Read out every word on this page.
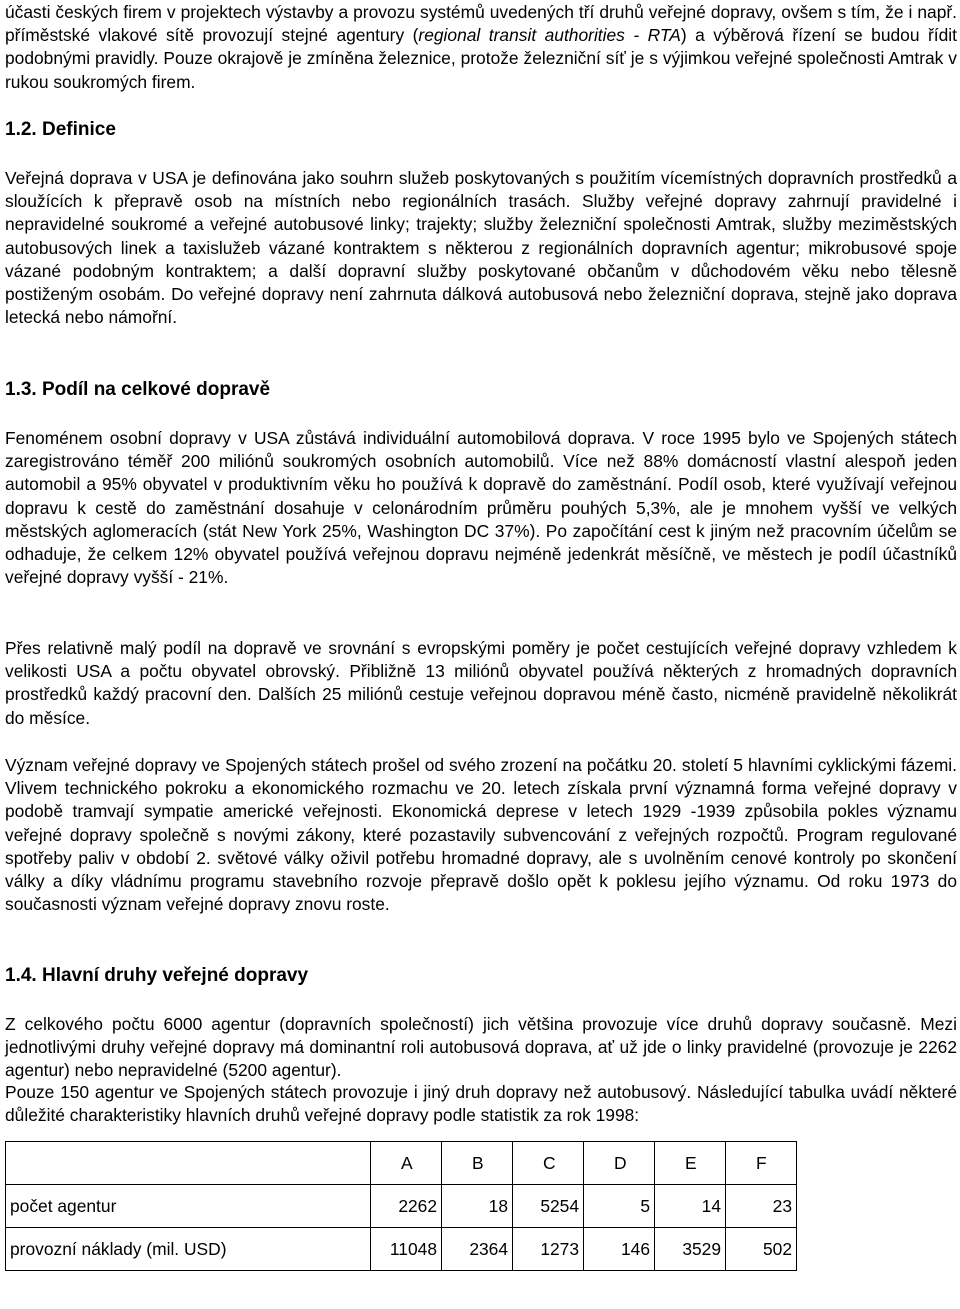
účasti českých firem v projektech výstavby a provozu systémů uvedených tří druhů veřejné dopravy, ovšem s tím, že i např. příměstské vlakové sítě provozují stejné agentury (regional transit authorities - RTA) a výběrová řízení se budou řídit podobnými pravidly. Pouze okrajově je zmíněna železnice, protože železniční síť je s výjimkou veřejné společnosti Amtrak v rukou soukromých firem.

1.2. Definice

Veřejná doprava v USA je definována jako souhrn služeb poskytovaných s použitím vícemístných dopravních prostředků a sloužících k přepravě osob na místních nebo regionálních trasách. Služby veřejné dopravy zahrnují pravidelné i nepravidelné soukromé a veřejné autobusové linky; trajekty; služby železniční společnosti Amtrak, služby meziměstských autobusových linek a taxislužeb vázané kontraktem s některou z regionálních dopravních agentur; mikrobusové spoje vázané podobným kontraktem; a další dopravní služby poskytované občanům v důchodovém věku nebo tělesně postiženým osobám. Do veřejné dopravy není zahrnuta dálková autobusová nebo železniční doprava, stejně jako doprava letecká nebo námořní.

1.3. Podíl na celkové dopravě

Fenoménem osobní dopravy v USA zůstává individuální automobilová doprava. V roce 1995 bylo ve Spojených státech zaregistrováno téměř 200 miliónů soukromých osobních automobilů. Více než 88% domácností vlastní alespoň jeden automobil a 95% obyvatel v produktivním věku ho používá k dopravě do zaměstnání. Podíl osob, které využívají veřejnou dopravu k cestě do zaměstnání dosahuje v celonárodním průměru pouhých 5,3%, ale je mnohem vyšší ve velkých městských aglomeracích (stát New York 25%, Washington DC 37%). Po započítání cest k jiným než pracovním účelům se odhaduje, že celkem 12% obyvatel používá veřejnou dopravu nejméně jedenkrát měsíčně, ve městech je podíl účastníků veřejné dopravy vyšší - 21%.

Přes relativně malý podíl na dopravě ve srovnání s evropskými poměry je počet cestujících veřejné dopravy vzhledem k velikosti USA a počtu obyvatel obrovský. Přibližně 13 miliónů obyvatel používá některých z hromadných dopravních prostředků každý pracovní den. Dalších 25 miliónů cestuje veřejnou dopravou méně často, nicméně pravidelně několikrát do měsíce.

Význam veřejné dopravy ve Spojených státech prošel od svého zrození na počátku 20. století 5 hlavními cyklickými fázemi. Vlivem technického pokroku a ekonomického rozmachu ve 20. letech získala první významná forma veřejné dopravy v podobě tramvají sympatie americké veřejnosti. Ekonomická deprese v letech 1929 -1939 způsobila pokles významu veřejné dopravy společně s novými zákony, které pozastavily subvencování z veřejných rozpočtů. Program regulované spotřeby paliv v období 2. světové války oživil potřebu hromadné dopravy, ale s uvolněním cenové kontroly po skončení války a díky vládnímu programu stavebního rozvoje přepravě došlo opět k poklesu jejího významu. Od roku 1973 do současnosti význam veřejné dopravy znovu roste.

1.4. Hlavní druhy veřejné dopravy

Z celkového počtu 6000 agentur (dopravních společností) jich většina provozuje více druhů dopravy současně. Mezi jednotlivými druhy veřejné dopravy má dominantní roli autobusová doprava, ať už jde o linky pravidelné (provozuje je 2262 agentur) nebo nepravidelné (5200 agentur).

Pouze 150 agentur ve Spojených státech provozuje i jiný druh dopravy než autobusový. Následující tabulka uvádí některé důležité charakteristiky hlavních druhů veřejné dopravy podle statistik za rok 1998:

	A	B	C	D	E	F
počet agentur	2262	18	5254	5	14	23
provozní náklady (mil. USD)	11048	2364	1273	146	3529	502
